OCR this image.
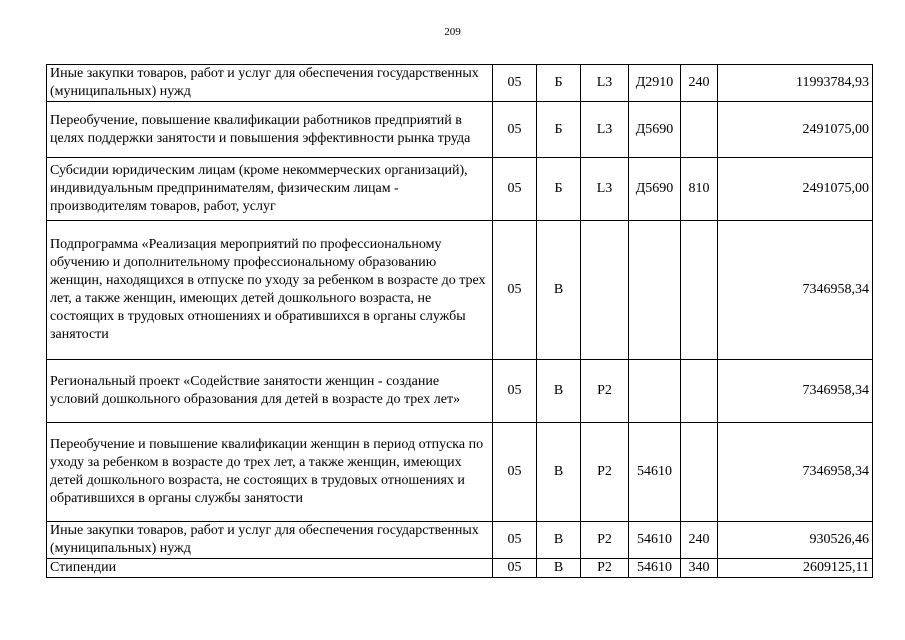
209
Иные закупки товаров, работ и услуг для обеспечения государственных (муниципальных) нужд	05	Б	L3	Д2910	240	11993784,93
Переобучение, повышение квалификации работников предприятий в целях поддержки занятости и повышения эффективности рынка труда	05	Б	L3	Д5690		2491075,00
Субсидии юридическим лицам (кроме некоммерческих организаций), индивидуальным предпринимателям, физическим лицам - производителям товаров, работ, услуг	05	Б	L3	Д5690	810	2491075,00
Подпрограмма «Реализация мероприятий по профессиональному обучению и дополнительному профессиональному образованию женщин, находящихся в отпуске по уходу за ребенком в возрасте до трех лет, а также женщин, имеющих детей дошкольного возраста, не состоящих в трудовых отношениях и обратившихся в органы службы занятости	05	В				7346958,34
Региональный проект «Содействие занятости женщин - создание условий дошкольного образования для детей в возрасте до трех лет»	05	В	Р2			7346958,34
Переобучение и повышение квалификации женщин в период отпуска по уходу за ребенком в возрасте до трех лет, а также женщин, имеющих детей дошкольного возраста, не состоящих в трудовых отношениях и обратившихся в органы службы занятости	05	В	Р2	54610		7346958,34
Иные закупки товаров, работ и услуг для обеспечения государственных (муниципальных) нужд	05	В	Р2	54610	240	930526,46
Стипендии	05	В	Р2	54610	340	2609125,11
